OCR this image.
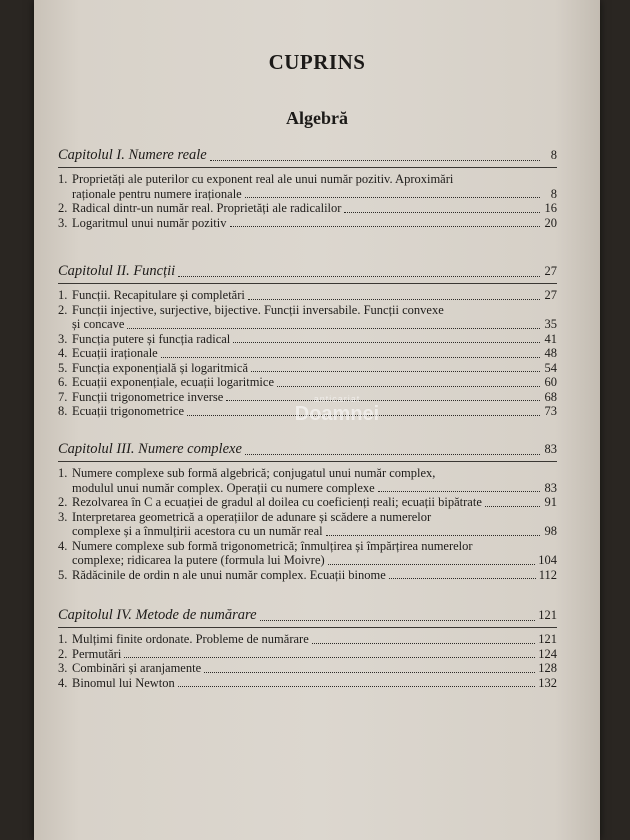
CUPRINS
Algebră
Capitolul I. Numere reale	8
1. Proprietăți ale puterilor cu exponent real ale unui număr pozitiv. Aproximări
raționale pentru numere iraționale	8
2. Radical dintr-un număr real. Proprietăți ale radicalilor	16
3. Logaritmul unui număr pozitiv	20
Capitolul II. Funcții	27
1. Funcții. Recapitulare și completări	27
2. Funcții injective, surjective, bijective. Funcții inversabile. Funcții convexe
și concave	35
3. Funcția putere și funcția radical	41
4. Ecuații iraționale	48
5. Funcția exponențială și logaritmică	54
6. Ecuații exponențiale, ecuații logaritmice	60
7. Funcții trigonometrice inverse	68
8. Ecuații trigonometrice	73
Capitolul III. Numere complexe	83
1. Numere complexe sub formă algebrică; conjugatul unui număr complex,
modulul unui număr complex. Operații cu numere complexe	83
2. Rezolvarea în C a ecuației de gradul al doilea cu coeficienți reali; ecuații bipătrate	91
3. Interpretarea geometrică a operațiilor de adunare și scădere a numerelor
complexe și a înmulțirii acestora cu un număr real	98
4. Numere complexe sub formă trigonometrică; înmulțirea și împărțirea numerelor
complexe; ridicarea la putere (formula lui Moivre)	104
5. Rădăcinile de ordin n ale unui număr complex. Ecuații binome	112
Capitolul IV. Metode de numărare	121
1. Mulțimi finite ordonate. Probleme de numărare	121
2. Permutări	124
3. Combinări și aranjamente	128
4. Binomul lui Newton	132
anticariat
Doamnei
